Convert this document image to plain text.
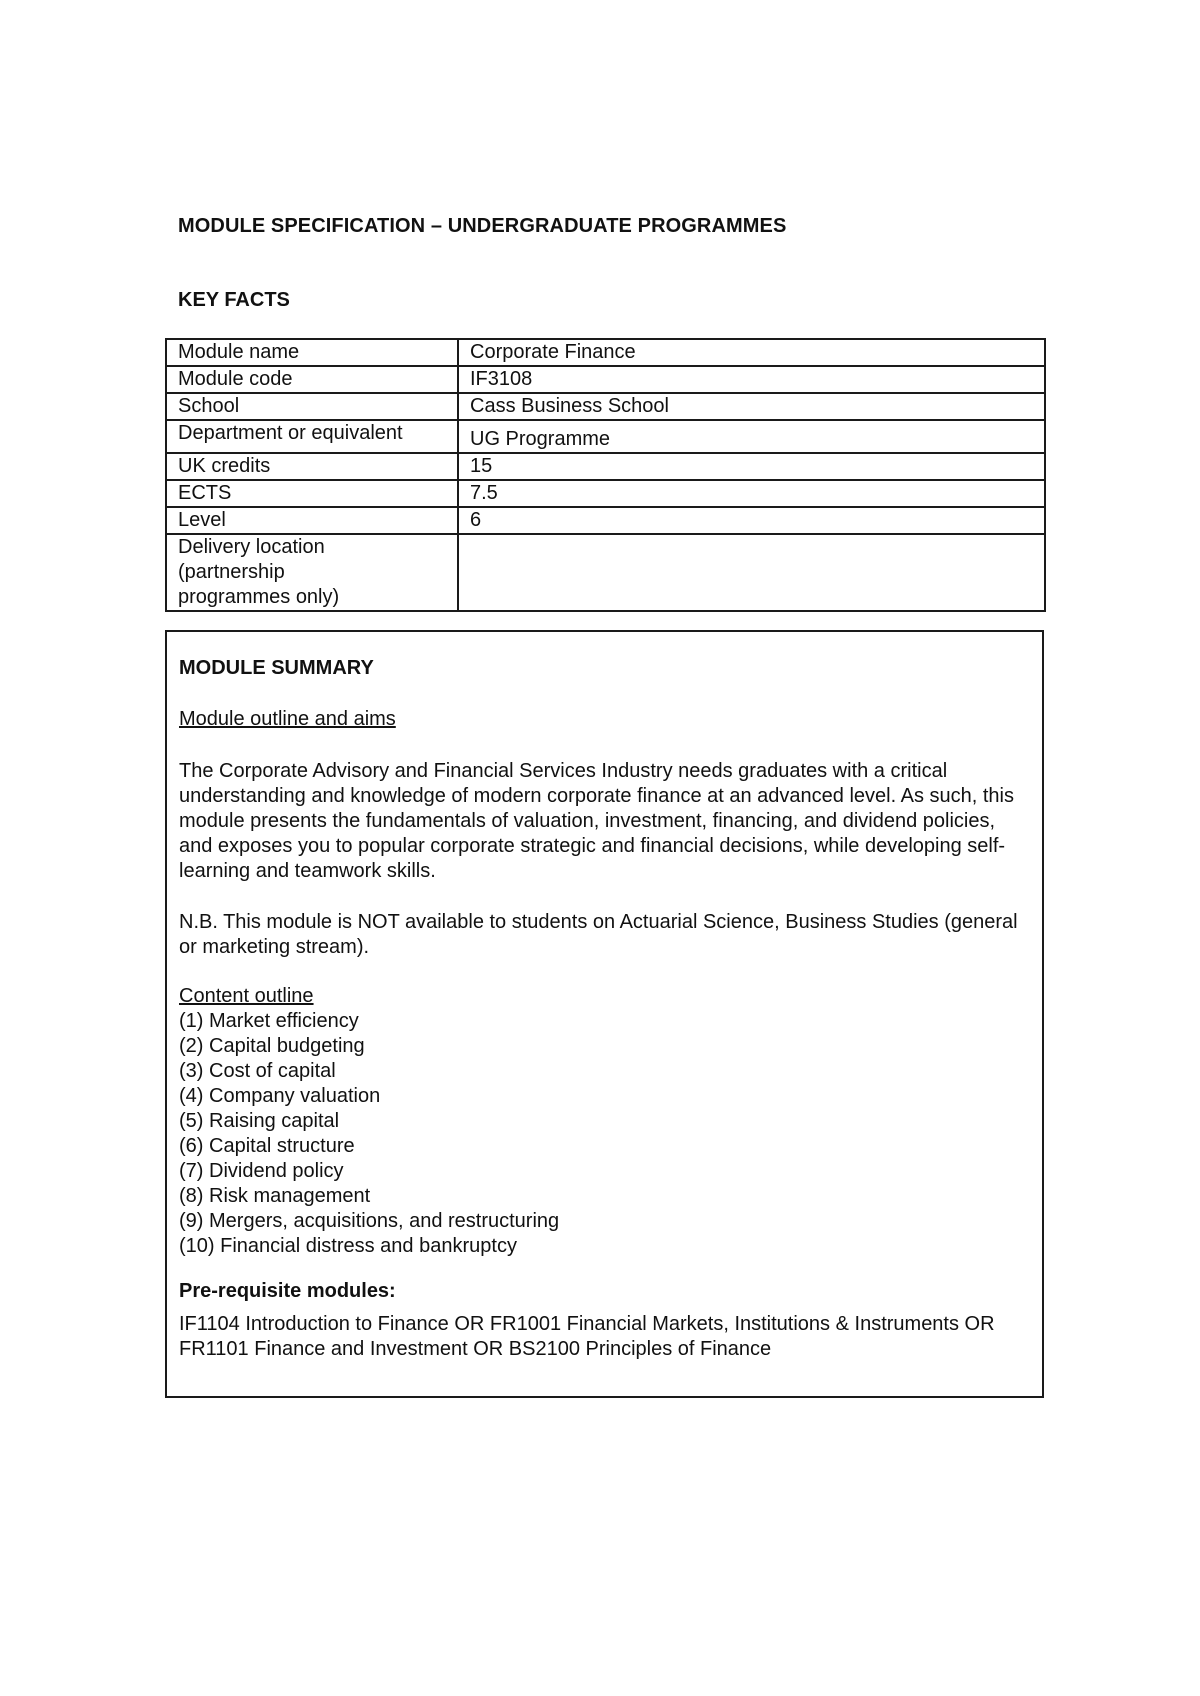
MODULE SPECIFICATION – UNDERGRADUATE PROGRAMMES
KEY FACTS
Module name	Corporate Finance
Module code	IF3108
School	Cass Business School
Department or equivalent	UG Programme

UK credits	15
ECTS	7.5
Level	6
Delivery location (partnership programmes only)	

MODULE SUMMARY

Module outline and aims

The Corporate Advisory and Financial Services Industry needs graduates with a critical understanding and knowledge of modern corporate finance at an advanced level. As such, this module presents the fundamentals of valuation, investment, financing, and dividend policies, and exposes you to popular corporate strategic and financial decisions, while developing self-learning and teamwork skills.

N.B. This module is NOT available to students on Actuarial Science, Business Studies (general or marketing stream).

Content outline

(1) Market efficiency
(2) Capital budgeting
(3) Cost of capital
(4) Company valuation
(5) Raising capital
(6) Capital structure
(7) Dividend policy
(8) Risk management
(9) Mergers, acquisitions, and restructuring
(10) Financial distress and bankruptcy

Pre-requisite modules:

IF1104 Introduction to Finance OR FR1001 Financial Markets, Institutions & Instruments OR FR1101 Finance and Investment OR BS2100 Principles of Finance
